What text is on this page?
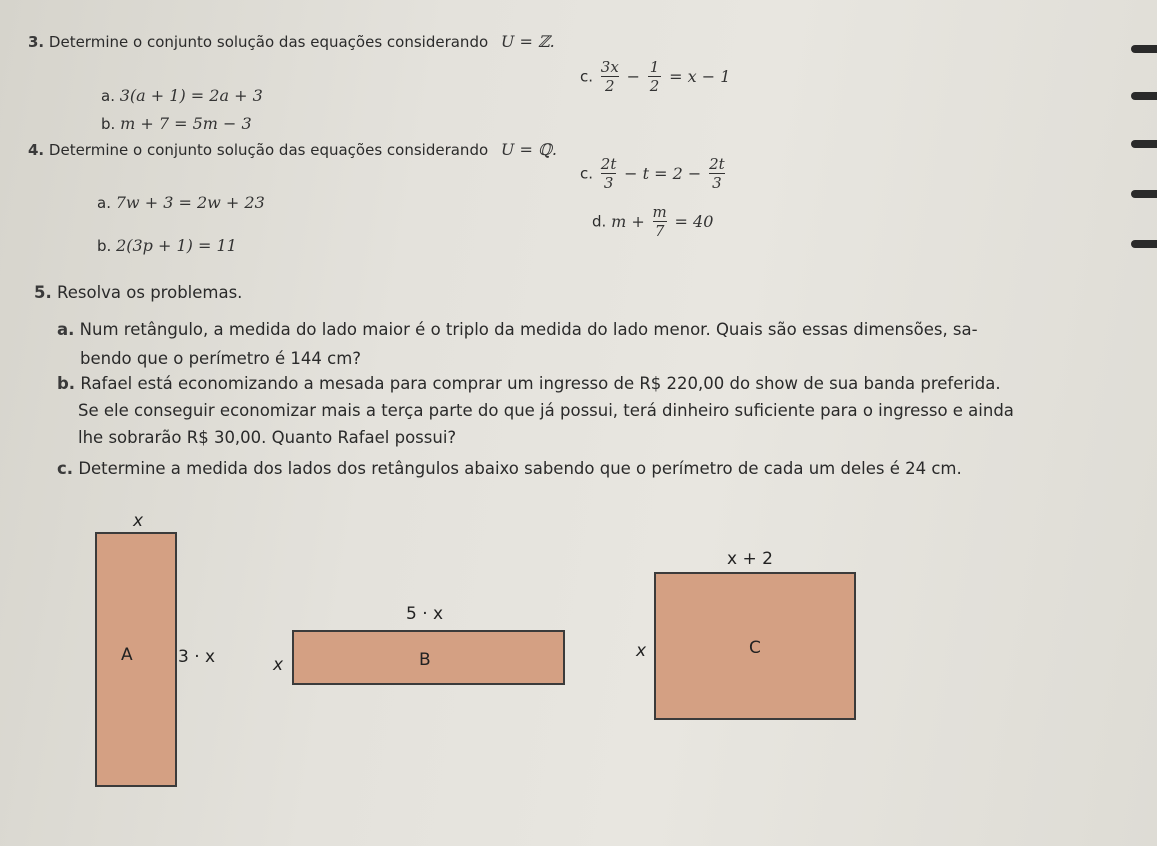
3. Determine o conjunto solução das equações considerando U = ℤ.
a. 3(a + 1) = 2a + 3
b. m + 7 = 5m − 3
c. $\frac{3x}{2} - \frac{1}{2} = x - 1$
4. Determine o conjunto solução das equações considerando U = ℚ.
a. 7w + 3 = 2w + 23
b. 2(3p + 1) = 11
c. $\frac{2t}{3} - t = 2 - \frac{2t}{3}$
d. $m + \frac{m}{7} = 40$
5. Resolva os problemas.
a. Num retângulo, a medida do lado maior é o triplo da medida do lado menor. Quais são essas dimensões, sa-
bendo que o perímetro é 144 cm?
b. Rafael está economizando a mesada para comprar um ingresso de R$ 220,00 do show de sua banda preferida.
Se ele conseguir economizar mais a terça parte do que já possui, terá dinheiro suficiente para o ingresso e ainda
lhe sobrarão R$ 30,00. Quanto Rafael possui?
c. Determine a medida dos lados dos retângulos abaixo sabendo que o perímetro de cada um deles é 24 cm.
x
A	3 · x
5 · x
B
x
x + 2
C
x
